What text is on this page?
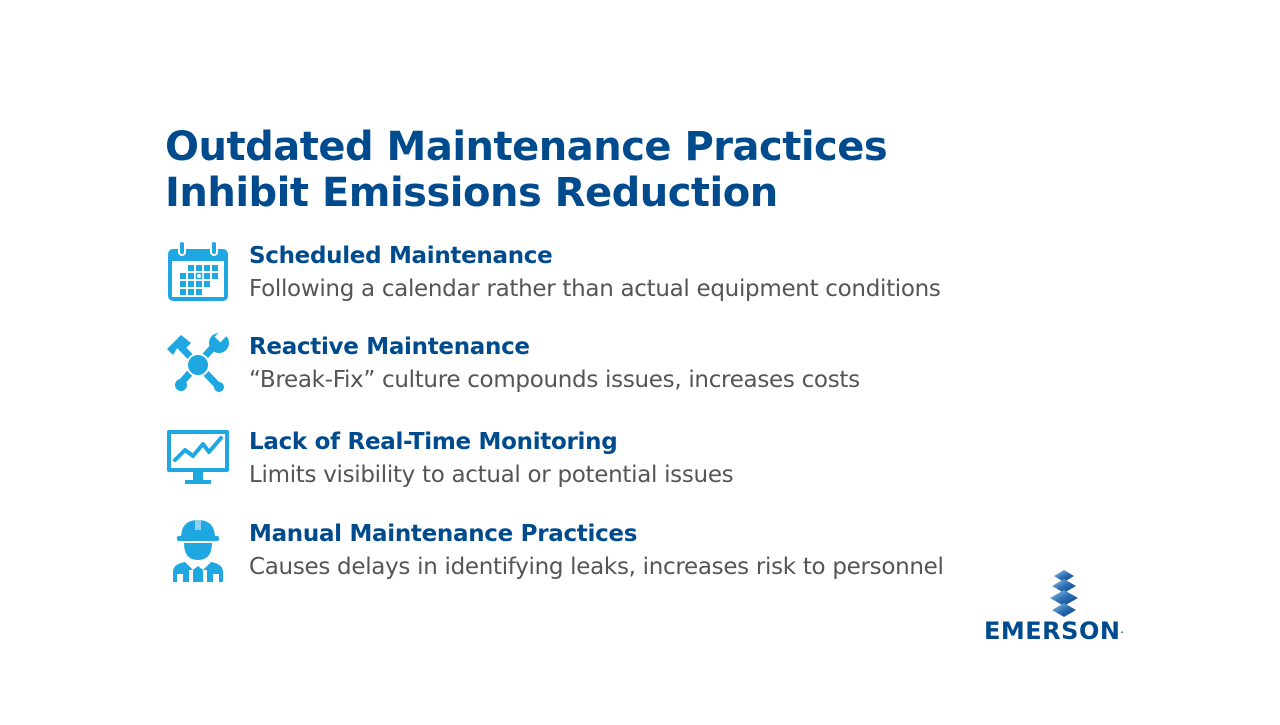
Outdated Maintenance Practices
Inhibit Emissions Reduction
Scheduled Maintenance
Following a calendar rather than actual equipment conditions
Reactive Maintenance
“Break-Fix” culture compounds issues, increases costs
Lack of Real-Time Monitoring
Limits visibility to actual or potential issues
Manual Maintenance Practices
Causes delays in identifying leaks, increases risk to personnel
EMERSON.
